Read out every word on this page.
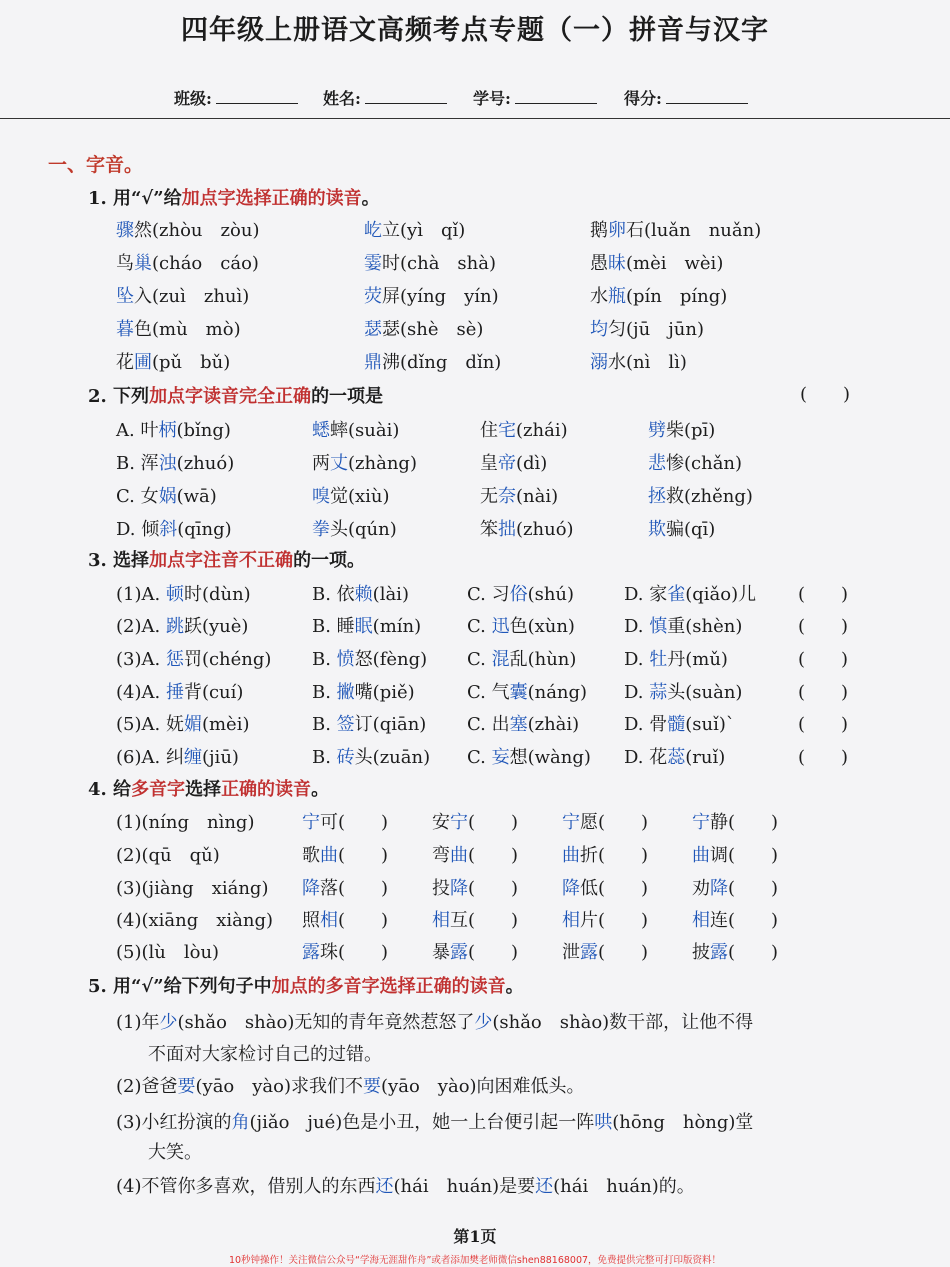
四年级上册语文高频考点专题（一）拼音与汉字
班级:	姓名:	学号:	得分:
一、字音。
1. 用“√”给加点字选择正确的读音。
骤然(zhòu　zòu)	屹立(yì　qǐ)	鹅卵石(luǎn　nuǎn)
鸟巢(cháo　cáo)	霎时(chà　shà)	愚昧(mèi　wèi)
坠入(zuì　zhuì)	荧屏(yíng　yín)	水瓶(pín　píng)
暮色(mù　mò)	瑟瑟(shè　sè)	均匀(jū　jūn)
花圃(pǔ　bǔ)	鼎沸(dǐng　dǐn)	溺水(nì　lì)
2. 下列加点字读音完全正确的一项是	(　　)
A. 叶柄(bǐng)	蟋蟀(suài)	住宅(zhái)	劈柴(pī)
B. 浑浊(zhuó)	两丈(zhàng)	皇帝(dì)	悲惨(chǎn)
C. 女娲(wā)	嗅觉(xiù)	无奈(nài)	拯救(zhěng)
D. 倾斜(qīng)	拳头(qún)	笨拙(zhuó)	欺骗(qī)
3. 选择加点字注音不正确的一项。
(1)A. 顿时(dùn)	B. 依赖(lài)	C. 习俗(shú)	D. 家雀(qiǎo)儿 (　　)
(2)A. 跳跃(yuè)	B. 睡眠(mín)	C. 迅色(xùn)	D. 慎重(shèn)	(　　)
(3)A. 惩罚(chéng) B. 愤怒(fèng) C. 混乱(hùn)	D. 牡丹(mǔ)	(　　)
(4)A. 捶背(cuí)	B. 撇嘴(piě)	C. 气囊(náng) D. 蒜头(suàn)	(　　)
(5)A. 妩媚(mèi)	B. 签订(qiān) C. 出塞(zhài) D. 骨髓(suǐ)`	(　　)
(6)A. 纠缠(jiū)	B. 砖头(zuān) C. 妄想(wàng) D. 花蕊(ruǐ)	(　　)
4. 给多音字选择正确的读音。
(1)(níng　nìng)	宁可(　　) 安宁(　　) 宁愿(　　) 宁静(　　)
(2)(qū　qǔ)	歌曲(　　) 弯曲(　　) 曲折(　　) 曲调(　　)
(3)(jiàng　xiáng) 降落(　　) 投降(　　) 降低(　　) 劝降(　　)
(4)(xiāng　xiàng) 照相(　　) 相互(　　) 相片(　　) 相连(　　)
(5)(lù　lòu)	露珠(　　) 暴露(　　) 泄露(　　) 披露(　　)
5. 用“√”给下列句子中加点的多音字选择正确的读音。
(1)年少(shǎo　shào)无知的青年竟然惹怒了少(shǎo　shào)数干部，让他不得
不面对大家检讨自己的过错。
(2)爸爸要(yāo　yào)求我们不要(yāo　yào)向困难低头。
(3)小红扮演的角(jiǎo　jué)色是小丑，她一上台便引起一阵哄(hōng　hòng)堂
大笑。
(4)不管你多喜欢，借别人的东西还(hái　huán)是要还(hái　huán)的。
第1页
10秒钟操作！关注微信公众号“学海无涯甜作舟”或者添加樊老师微信shen88168007，免费提供完整可打印版资料！
